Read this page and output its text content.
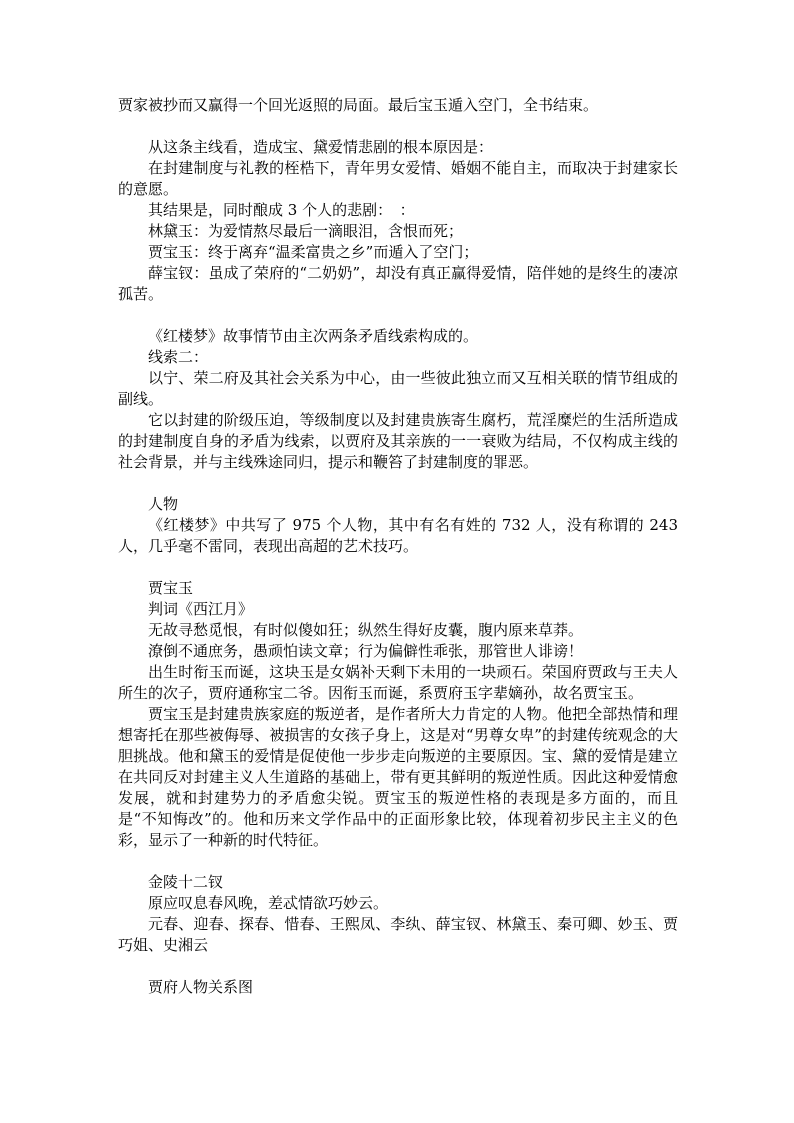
贾家被抄而又赢得一个回光返照的局面。最后宝玉遁入空门，全书结束。

从这条主线看，造成宝、黛爱情悲剧的根本原因是：

在封建制度与礼教的桎梏下，青年男女爱情、婚姻不能自主，而取决于封建家长的意愿。

其结果是，同时酿成 3 个人的悲剧：　：

林黛玉：为爱情熬尽最后一滴眼泪，含恨而死；

贾宝玉：终于离弃“温柔富贵之乡”而遁入了空门；

薛宝钗：虽成了荣府的“二奶奶”，却没有真正赢得爱情，陪伴她的是终生的凄凉孤苦。

《红楼梦》故事情节由主次两条矛盾线索构成的。

线索二：

以宁、荣二府及其社会关系为中心，由一些彼此独立而又互相关联的情节组成的副线。

它以封建的阶级压迫，等级制度以及封建贵族寄生腐朽，荒淫糜烂的生活所造成的封建制度自身的矛盾为线索，以贾府及其亲族的一一衰败为结局，不仅构成主线的社会背景，并与主线殊途同归，提示和鞭笞了封建制度的罪恶。

人物

《红楼梦》中共写了 975 个人物，其中有名有姓的 732 人，没有称谓的 243 人，几乎毫不雷同，表现出高超的艺术技巧。

贾宝玉

判词《西江月》

无故寻愁觅恨，有时似傻如狂；纵然生得好皮囊，腹内原来草莽。

潦倒不通庶务，愚顽怕读文章；行为偏僻性乖张，那管世人诽谤！

出生时衔玉而诞，这块玉是女娲补天剩下未用的一块顽石。荣国府贾政与王夫人所生的次子，贾府通称宝二爷。因衔玉而诞，系贾府玉字辈嫡孙，故名贾宝玉。

贾宝玉是封建贵族家庭的叛逆者，是作者所大力肯定的人物。他把全部热情和理想寄托在那些被侮辱、被损害的女孩子身上，这是对“男尊女卑”的封建传统观念的大胆挑战。他和黛玉的爱情是促使他一步步走向叛逆的主要原因。宝、黛的爱情是建立在共同反对封建主义人生道路的基础上，带有更其鲜明的叛逆性质。因此这种爱情愈发展，就和封建势力的矛盾愈尖锐。贾宝玉的叛逆性格的表现是多方面的，而且是“不知悔改”的。他和历来文学作品中的正面形象比较，体现着初步民主主义的色彩，显示了一种新的时代特征。

金陵十二钗

原应叹息春风晚，差忒情欲巧妙云。

元春、迎春、探春、惜春、王熙凤、李纨、薛宝钗、林黛玉、秦可卿、妙玉、贾巧姐、史湘云

贾府人物关系图
